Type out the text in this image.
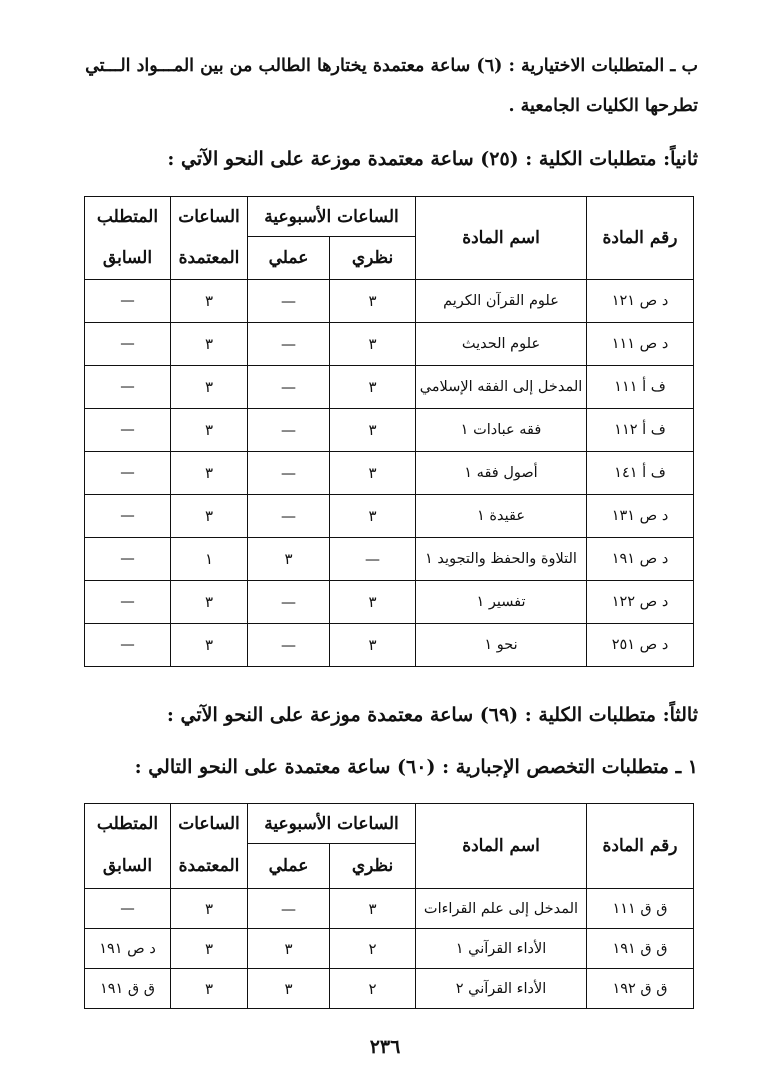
ب ـ المتطلبات الاختيارية : (٦) ساعة معتمدة يختارها الطالب من بين المـــواد الـــتي
تطرحها الكليات الجامعية .
ثانياً: متطلبات الكلية : (٢٥) ساعة معتمدة موزعة على النحو الآتي :
رقم المادة	اسم المادة	الساعات الأسبوعية		الساعات	المتطلب
		نظري	عملي	المعتمدة	السابق
د ص ١٢١	علوم القرآن الكريم	٣	—	٣	—
د ص ١١١	علوم الحديث	٣	—	٣	—
ف أ ١١١	المدخل إلى الفقه الإسلامي	٣	—	٣	—
ف أ ١١٢	فقه عبادات ١	٣	—	٣	—
ف أ ١٤١	أصول فقه ١	٣	—	٣	—
د ص ١٣١	عقيدة ١	٣	—	٣	—
د ص ١٩١	التلاوة والحفظ والتجويد ١	—	٣	١	—
د ص ١٢٢	تفسير ١	٣	—	٣	—
د ص ٢٥١	نحو ١	٣	—	٣	—
ثالثاً: متطلبات الكلية : (٦٩) ساعة معتمدة موزعة على النحو الآتي :
١ ـ متطلبات التخصص الإجبارية : (٦٠) ساعة معتمدة على النحو التالي :
رقم المادة	اسم المادة	الساعات الأسبوعية		الساعات	المتطلب
		نظري	عملي	المعتمدة	السابق
ق ق ١١١	المدخل إلى علم القراءات	٣	—	٣	—
ق ق ١٩١	الأداء القرآني ١	٢	٣	٣	د ص ١٩١
ق ق ١٩٢	الأداء القرآني ٢	٢	٣	٣	ق ق ١٩١
٢٣٦
